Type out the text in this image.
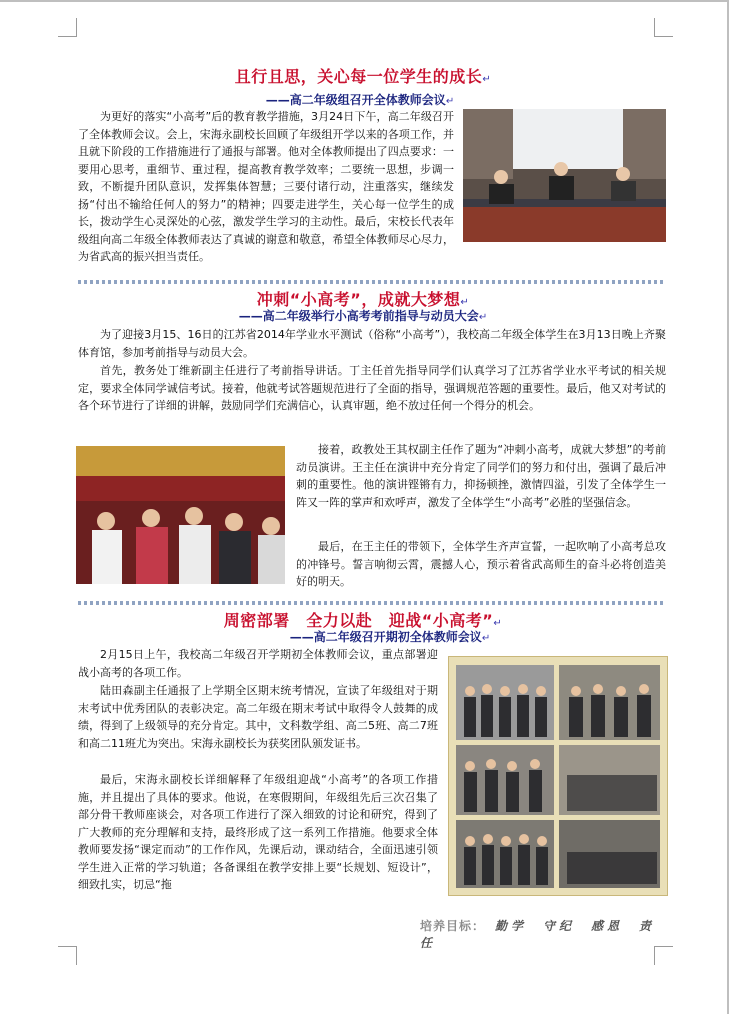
且行且思，关心每一位学生的成长↵
——高二年级组召开全体教师会议↵

为更好的落实“小高考”后的教育教学措施，3月24日下午，高二年级召开了全体教师会议。会上，宋海永副校长回顾了年级组开学以来的各项工作，并且就下阶段的工作措施进行了通报与部署。他对全体教师提出了四点要求：一要用心思考，重细节、重过程，提高教育教学效率；二要统一思想，步调一致，不断提升团队意识，发挥集体智慧；三要付诸行动，注重落实，继续发扬“付出不输给任何人的努力”的精神；四要走进学生，关心每一位学生的成长，拨动学生心灵深处的心弦，激发学生学习的主动性。最后，宋校长代表年级组向高二年级全体教师表达了真诚的谢意和敬意，希望全体教师尽心尽力，为省武高的振兴担当责任。

冲刺“小高考”，成就大梦想↵
——高二年级举行小高考考前指导与动员大会↵

为了迎接3月15、16日的江苏省2014年学业水平测试（俗称“小高考”），我校高二年级全体学生在3月13日晚上齐聚体育馆，参加考前指导与动员大会。

首先，教务处丁维新副主任进行了考前指导讲话。丁主任首先指导同学们认真学习了江苏省学业水平考试的相关规定，要求全体同学诚信考试。接着，他就考试答题规范进行了全面的指导，强调规范答题的重要性。最后，他又对考试的各个环节进行了详细的讲解，鼓励同学们充满信心，认真审题，绝不放过任何一个得分的机会。

接着，政教处王其权副主任作了题为“冲刺小高考，成就大梦想”的考前动员演讲。王主任在演讲中充分肯定了同学们的努力和付出，强调了最后冲刺的重要性。他的演讲铿锵有力，抑扬顿挫，激情四溢，引发了全体学生一阵又一阵的掌声和欢呼声，激发了全体学生“小高考”必胜的坚强信念。

最后，在王主任的带领下，全体学生齐声宣誓，一起吹响了小高考总攻的冲锋号。誓言响彻云霄，震撼人心，预示着省武高师生的奋斗必将创造美好的明天。

周密部署　全力以赴　迎战“小高考”↵
——高二年级召开期初全体教师会议↵

2月15日上午，我校高二年级召开学期初全体教师会议，重点部署迎战小高考的各项工作。

陆田森副主任通报了上学期全区期末统考情况，宣读了年级组对于期末考试中优秀团队的表彰决定。高二年级在期末考试中取得令人鼓舞的成绩，得到了上级领导的充分肯定。其中，文科数学组、高二5班、高二7班和高二11班尤为突出。宋海永副校长为获奖团队颁发证书。

最后，宋海永副校长详细解释了年级组迎战“小高考”的各项工作措施，并且提出了具体的要求。他说，在寒假期间，年级组先后三次召集了部分骨干教师座谈会，对各项工作进行了深入细致的讨论和研究，得到了广大教师的充分理解和支持，最终形成了这一系列工作措施。他要求全体教师要发扬“课定而动”的工作作风，先课后动，课动结合，全面迅速引领学生进入正常的学习轨道；各备课组在教学安排上要“长规划、短设计”，细致扎实，切忌“拖

培养目标： 勤学　守纪　感恩　责任
